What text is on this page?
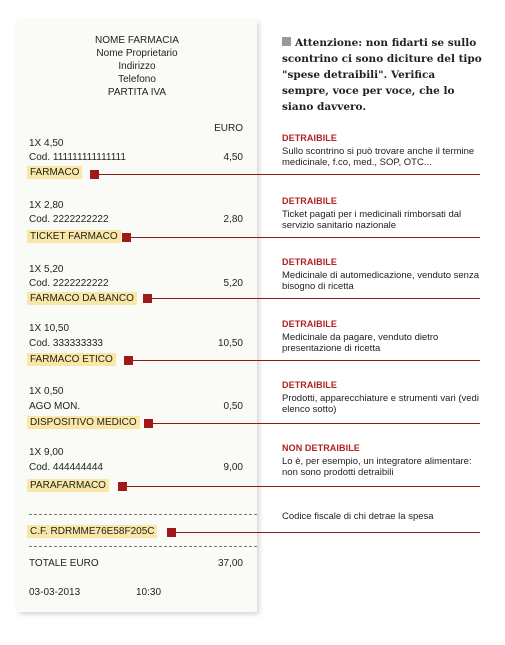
NOME FARMACIA
Nome Proprietario
Indirizzo
Telefono
PARTITA IVA
EURO
1X 4,50
Cod. 111111111111111	4,50
FARMACO
1X 2,80
Cod. 2222222222	2,80
TICKET FARMACO
1X 5,20
Cod. 2222222222	5,20
FARMACO DA BANCO
1X 10,50
Cod. 333333333	10,50
FARMACO ETICO
1X 0,50
AGO MON.	0,50
DISPOSITIVO MEDICO
1X 9,00
Cod. 444444444	9,00
PARAFARMACO
C.F. RDRMME76E58F205C
TOTALE EURO	37,00
03-03-2013	10:30
Attenzione: non fidarti se sullo scontrino ci sono diciture del tipo "spese detraibili". Verifica sempre, voce per voce, che lo siano davvero.
DETRAIBILE
Sullo scontrino si può trovare anche il termine medicinale, f.co, med., SOP, OTC...
DETRAIBILE
Ticket pagati per i medicinali rimborsati dal servizio sanitario nazionale
DETRAIBILE
Medicinale di automedicazione, venduto senza bisogno di ricetta
DETRAIBILE
Medicinale da pagare, venduto dietro presentazione di ricetta
DETRAIBILE
Prodotti, apparecchiature e strumenti vari (vedi elenco sotto)
NON DETRAIBILE
Lo è, per esempio, un integratore alimentare: non sono prodotti detraibili
Codice fiscale di chi detrae la spesa
